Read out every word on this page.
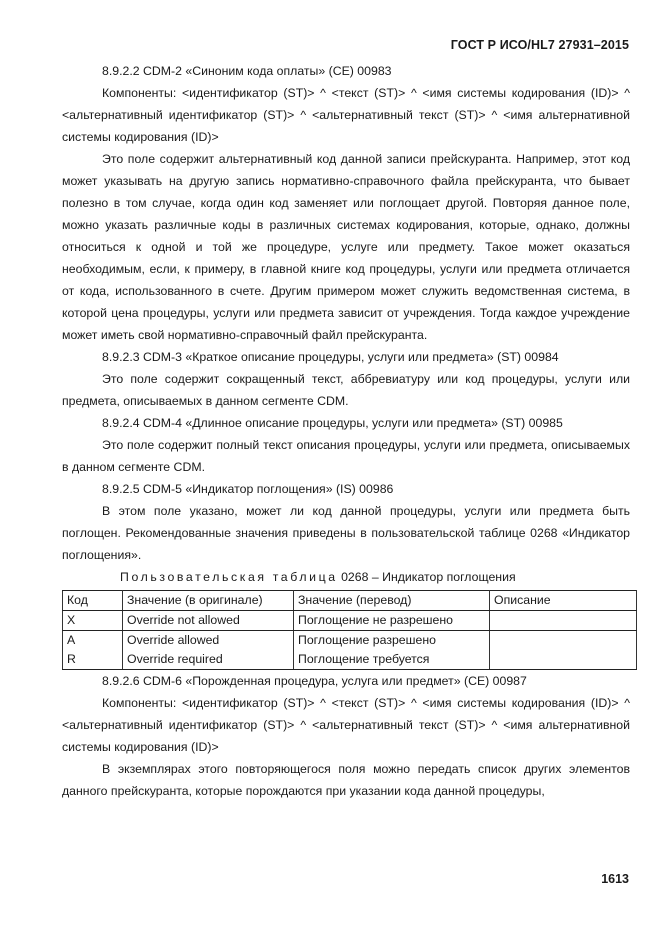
ГОСТ Р ИСО/HL7 27931–2015

8.9.2.2 CDM-2 «Синоним кода оплаты» (CE) 00983

Компоненты: <идентификатор (ST)> ^ <текст (ST)> ^ <имя системы кодирования (ID)> ^ <альтернативный идентификатор (ST)> ^ <альтернативный текст (ST)> ^ <имя альтернативной системы кодирования (ID)>

Это поле содержит альтернативный код данной записи прейскуранта. Например, этот код может указывать на другую запись нормативно-справочного файла прейскуранта, что бывает полезно в том случае, когда один код заменяет или поглощает другой. Повторяя данное поле, можно указать различные коды в различных системах кодирования, которые, однако, должны относиться к одной и той же процедуре, услуге или предмету. Такое может оказаться необходимым, если, к примеру, в главной книге код процедуры, услуги или предмета отличается от кода, использованного в счете. Другим примером может служить ведомственная система, в которой цена процедуры, услуги или предмета зависит от учреждения. Тогда каждое учреждение может иметь свой нормативно-справочный файл прейскуранта.

8.9.2.3 CDM-3 «Краткое описание процедуры, услуги или предмета» (ST) 00984

Это поле содержит сокращенный текст, аббревиатуру или код процедуры, услуги или предмета, описываемых в данном сегменте CDM.

8.9.2.4 CDM-4 «Длинное описание процедуры, услуги или предмета» (ST) 00985

Это поле содержит полный текст описания процедуры, услуги или предмета, описываемых в данном сегменте CDM.

8.9.2.5 CDM-5 «Индикатор поглощения» (IS) 00986

В этом поле указано, может ли код данной процедуры, услуги или предмета быть поглощен. Рекомендованные значения приведены в пользовательской таблице 0268 «Индикатор поглощения».

Пользовательская таблица 0268 – Индикатор поглощения

Код	Значение (в оригинале)	Значение (перевод)	Описание
X	Override not allowed	Поглощение не разрешено	
A	Override allowed	Поглощение разрешено	
R	Override required	Поглощение требуется	

8.9.2.6 CDM-6 «Порожденная процедура, услуга или предмет» (CE) 00987

Компоненты: <идентификатор (ST)> ^ <текст (ST)> ^ <имя системы кодирования (ID)> ^ <альтернативный идентификатор (ST)> ^ <альтернативный текст (ST)> ^ <имя альтернативной системы кодирования (ID)>

В экземплярах этого повторяющегося поля можно передать список других элементов данного прейскуранта, которые порождаются при указании кода данной процедуры,

1613
